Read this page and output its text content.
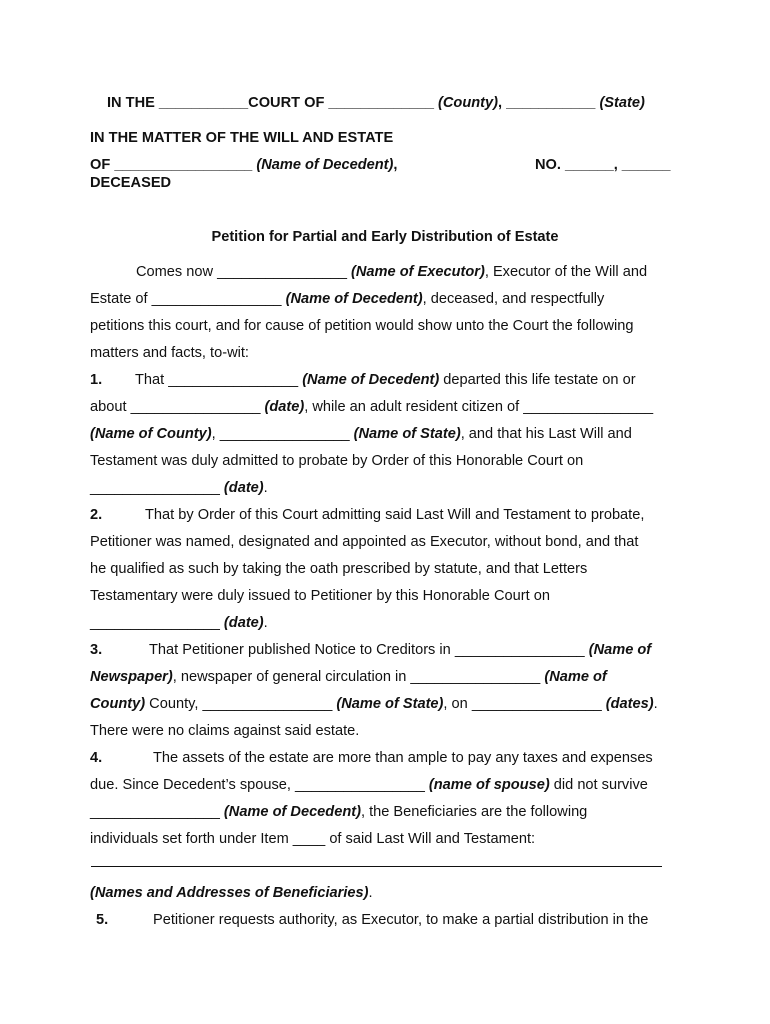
IN THE ___________COURT OF _____________ (County), ___________ (State)
IN THE MATTER OF THE WILL AND ESTATE
OF _________________ (Name of Decedent),	NO. ______, ______
DECEASED
Petition for Partial and Early Distribution of Estate
Comes now ________________ (Name of Executor), Executor of the Will and
Estate of ________________ (Name of Decedent), deceased, and respectfully
petitions this court, and for cause of petition would show unto the Court the following
matters and facts, to-wit:
1. That ________________ (Name of Decedent) departed this life testate on or
about ________________ (date), while an adult resident citizen of ________________
(Name of County), ________________ (Name of State), and that his Last Will and
Testament was duly admitted to probate by Order of this Honorable Court on
________________ (date).
2.	That by Order of this Court admitting said Last Will and Testament to probate,
Petitioner was named, designated and appointed as Executor, without bond, and that
he qualified as such by taking the oath prescribed by statute, and that Letters
Testamentary were duly issued to Petitioner by this Honorable Court on
________________ (date).
3.	That Petitioner published Notice to Creditors in ________________ (Name of
Newspaper), newspaper of general circulation in ________________ (Name of
County) County, ________________ (Name of State), on ________________ (dates).
There were no claims against said estate.
4.	The assets of the estate are more than ample to pay any taxes and expenses
due. Since Decedent’s spouse, ________________ (name of spouse) did not survive
________________ (Name of Decedent), the Beneficiaries are the following
individuals set forth under Item ____ of said Last Will and Testament:
(Names and Addresses of Beneficiaries).
5.	Petitioner requests authority, as Executor, to make a partial distribution in the
